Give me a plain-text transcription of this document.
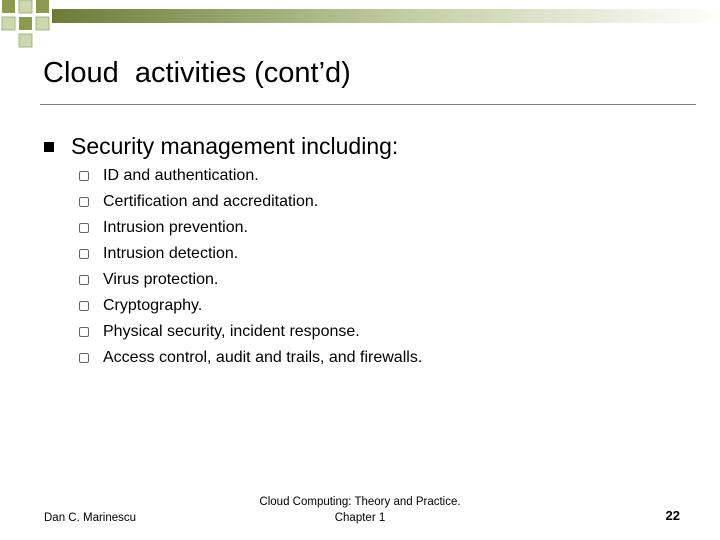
Cloud  activities (cont’d)
Security management including:
ID and authentication.
Certification and accreditation.
Intrusion prevention.
Intrusion detection.
Virus protection.
Cryptography.
Physical security, incident response.
Access control, audit and trails, and firewalls.
Dan C. Marinescu
Cloud Computing: Theory and Practice.
Chapter 1	22
